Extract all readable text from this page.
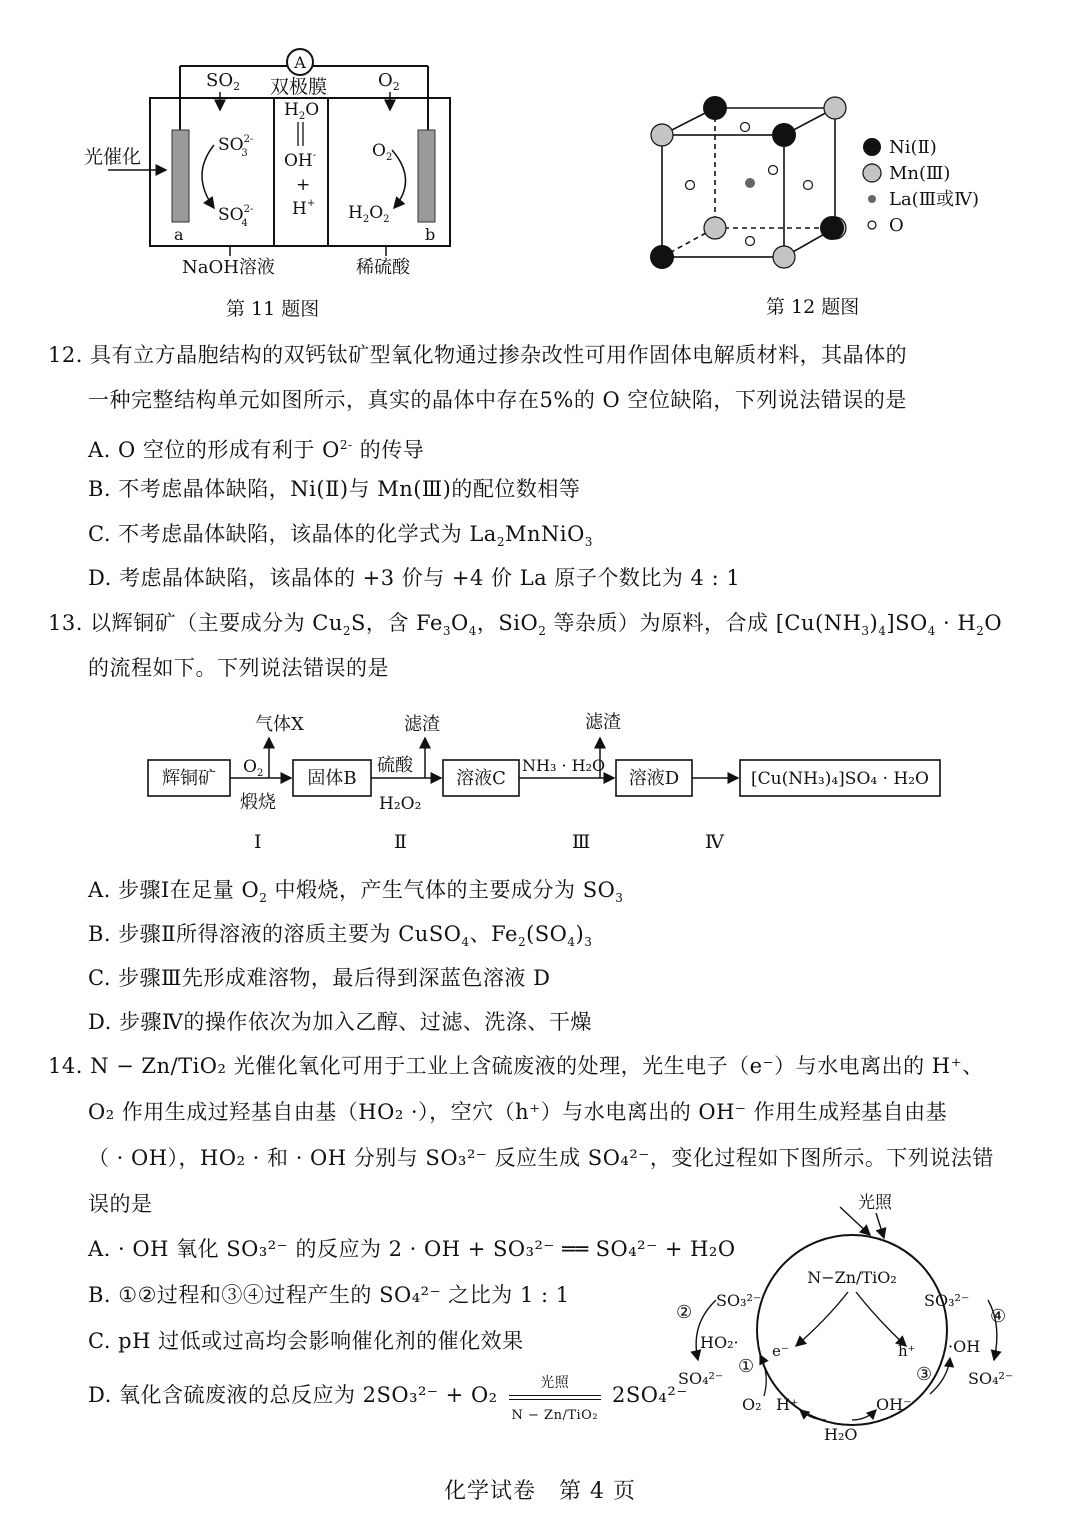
A
$SO_2$ 双极膜	$O_2$
光催化
$SO^{2-}3$
$SO^{2-}4$
$H_2O$
OH-
+
H+
$O_2$
$H_2O_2$
a	b
NaOH溶液	稀硫酸
第 11 题图
Ni(Ⅱ)
Mn(Ⅲ)
La(Ⅲ或Ⅳ)
O
第 12 题图
12. 具有立方晶胞结构的双钙钛矿型氧化物通过掺杂改性可用作固体电解质材料，其晶体的
一种完整结构单元如图所示，真实的晶体中存在5%的 O 空位缺陷，下列说法错误的是
A. O 空位的形成有利于 $O^{2-}$ 的传导
B. 不考虑晶体缺陷，Ni(Ⅱ)与 Mn(Ⅲ)的配位数相等
C. 不考虑晶体缺陷，该晶体的化学式为 $La_2MnNiO_3$
D. 考虑晶体缺陷，该晶体的 +3 价与 +4 价 La 原子个数比为 4 : 1
13. 以辉铜矿（主要成分为 $Cu_2S$，含 $Fe_3O_4$，SiO$_2$ 等杂质）为原料，合成 $[Cu(NH_3)_4]SO_4 \cdot H_2O$
的流程如下。下列说法错误的是
辉铜矿	固体B	溶液C	溶液D	[Cu(NH₃)₄]SO₄ · H₂O
气体X	滤渣	滤渣
$O_2$
煅烧
硫酸
H₂O₂
NH₃ · H₂O
Ⅰ	Ⅱ	Ⅲ	Ⅳ
A. 步骤Ⅰ在足量 $O_2$ 中煅烧，产生气体的主要成分为 $SO_3$
B. 步骤Ⅱ所得溶液的溶质主要为 CuSO$_4$、$Fe_2(SO_4)_3$
C. 步骤Ⅲ先形成难溶物，最后得到深蓝色溶液 D
D. 步骤Ⅳ的操作依次为加入乙醇、过滤、洗涤、干燥
14. N − Zn/TiO₂ 光催化氧化可用于工业上含硫废液的处理，光生电子（e⁻）与水电离出的 H⁺、
O₂ 作用生成过羟基自由基（HO₂ ·），空穴（h⁺）与水电离出的 OH⁻ 作用生成羟基自由基
（ · OH），HO₂ · 和 · OH 分别与 SO₃²⁻ 反应生成 SO₄²⁻，变化过程如下图所示。下列说法错
误的是
A. · OH 氧化 SO₃²⁻ 的反应为 2 · OH + SO₃²⁻ ══ SO₄²⁻ + H₂O
B. ①②过程和③④过程产生的 SO₄²⁻ 之比为 1 : 1
C. pH 过低或过高均会影响催化剂的催化效果
D. 氧化含硫废液的总反应为 2SO₃²⁻ + O₂
光照
N − Zn/TiO₂
2SO₄²⁻
光照
N−Zn/TiO₂
e⁻	h⁺
SO₃²⁻	SO₃²⁻
HO₂·	·OH
②	④
SO₄²⁻	SO₄²⁻
①	③
O₂ H⁺	OH⁻
H₂O
化学试卷　第 4 页
